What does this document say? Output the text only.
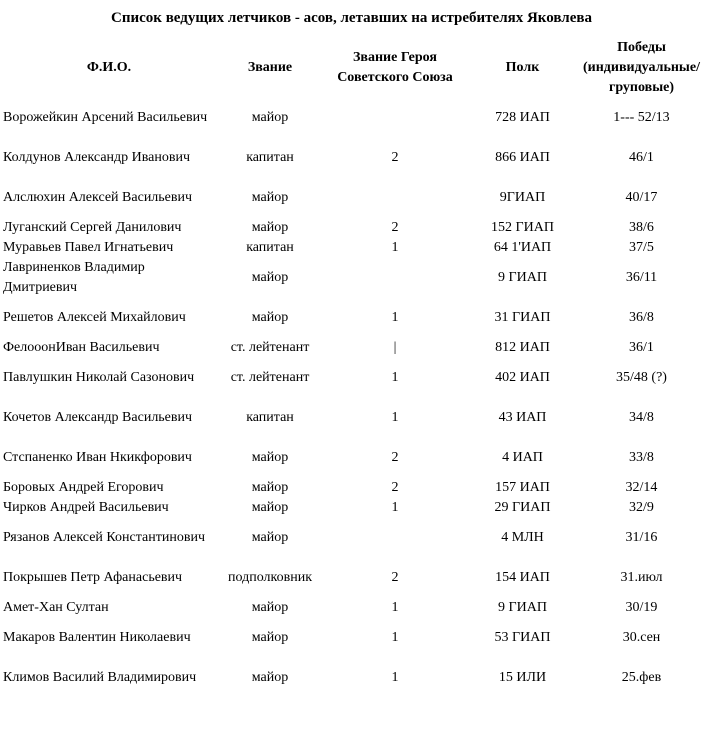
Список ведущих летчиков - асов, летавших на истребителях Яковлева
Ф.И.О.	Звание	Звание Героя Советского Союза	Полк	Победы (индивидуальные/ груповые)
Ворожейкин Арсений Васильевич	майор		728 ИАП	1--- 52/13
Колдунов Александр Иванович	капитан	2	866 ИАП	46/1
Алслюхин Алексей Васильевич	майор		9ГИАП	40/17
Луганский Сергей Данилович	майор	2	152 ГИАП	38/6
Муравьев Павел Игнатьевич	капитан	1	64 1'ИАП	37/5
Лавриненков Владимир Дмитриевич	майор		9 ГИАП	36/11
Решетов Алексей Михайлович	майор	1	31 ГИАП	36/8
ФелооонИван Васильевич	ст. лейтенант	|	812 ИАП	36/1
Павлушкин Николай Сазонович	ст. лейтенант	1	402 ИАП	35/48 (?)
Кочетов Александр Васильевич	капитан	1	43 ИАП	34/8
Стспаненко Иван Нкикфорович	майор	2	4 ИАП	33/8
Боровых Андрей Егорович	майор	2	157 ИАП	32/14
Чирков Андрей Васильевич	майор	1	29 ГИАП	32/9
Рязанов Алексей Константинович	майор		4 МЛН	31/16
Покрышев Петр Афанасьевич	подполковник	2	154 ИАП	31.июл
Амет-Хан Султан	майор	1	9 ГИАП	30/19
Макаров Валентин Николаевич	майор	1	53 ГИАП	30.сен
Климов Василий Владимирович	майор	1	15 ИЛИ	25.фев
